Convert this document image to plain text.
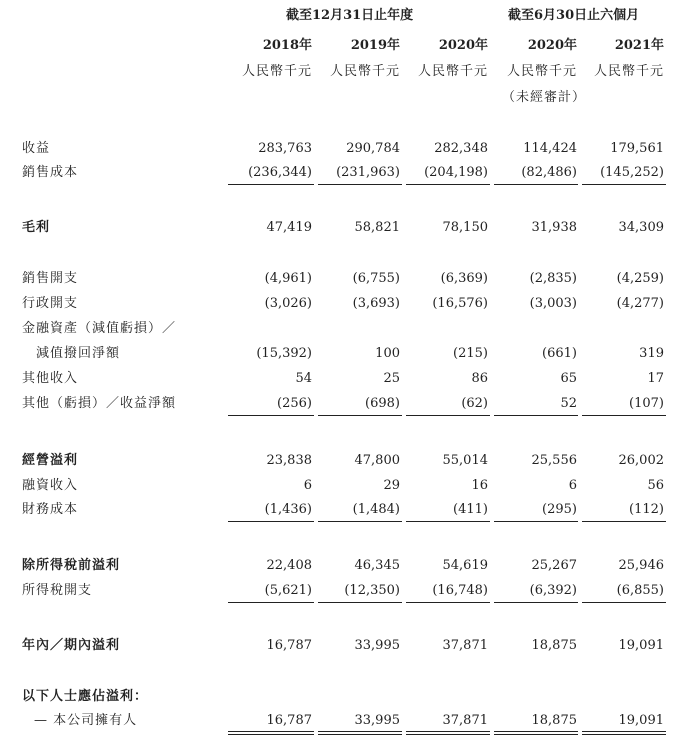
截至12月31日止年度	截至6月30日止六個月
2018年	2019年	2020年	2020年	2021年
人民幣千元 人民幣千元 人民幣千元 人民幣千元 人民幣千元
（未經審計）
收益	283,763	290,784	282,348	114,424	179,561
銷售成本	(236,344) (231,963) (204,198)	(82,486) (145,252)
毛利	47,419	58,821	78,150	31,938	34,309
銷售開支	(4,961)	(6,755)	(6,369)	(2,835)	(4,259)
行政開支	(3,026)	(3,693) (16,576)	(3,003)	(4,277)
金融資產（減值虧損）／
減值撥回淨額	(15,392)	100	(215)	(661)	319
其他收入	54	25	86	65	17
其他（虧損）／收益淨額	(256)	(698)	(62)	52	(107)
經營溢利	23,838	47,800	55,014	25,556	26,002
融資收入	6	29	16	6	56
財務成本	(1,436)	(1,484)	(411)	(295)	(112)
除所得稅前溢利	22,408	46,345	54,619	25,267	25,946
所得稅開支	(5,621) (12,350) (16,748)	(6,392)	(6,855)
年內／期內溢利	16,787	33,995	37,871	18,875	19,091
以下人士應佔溢利：
— 本公司擁有人	16,787	33,995	37,871	18,875	19,091
